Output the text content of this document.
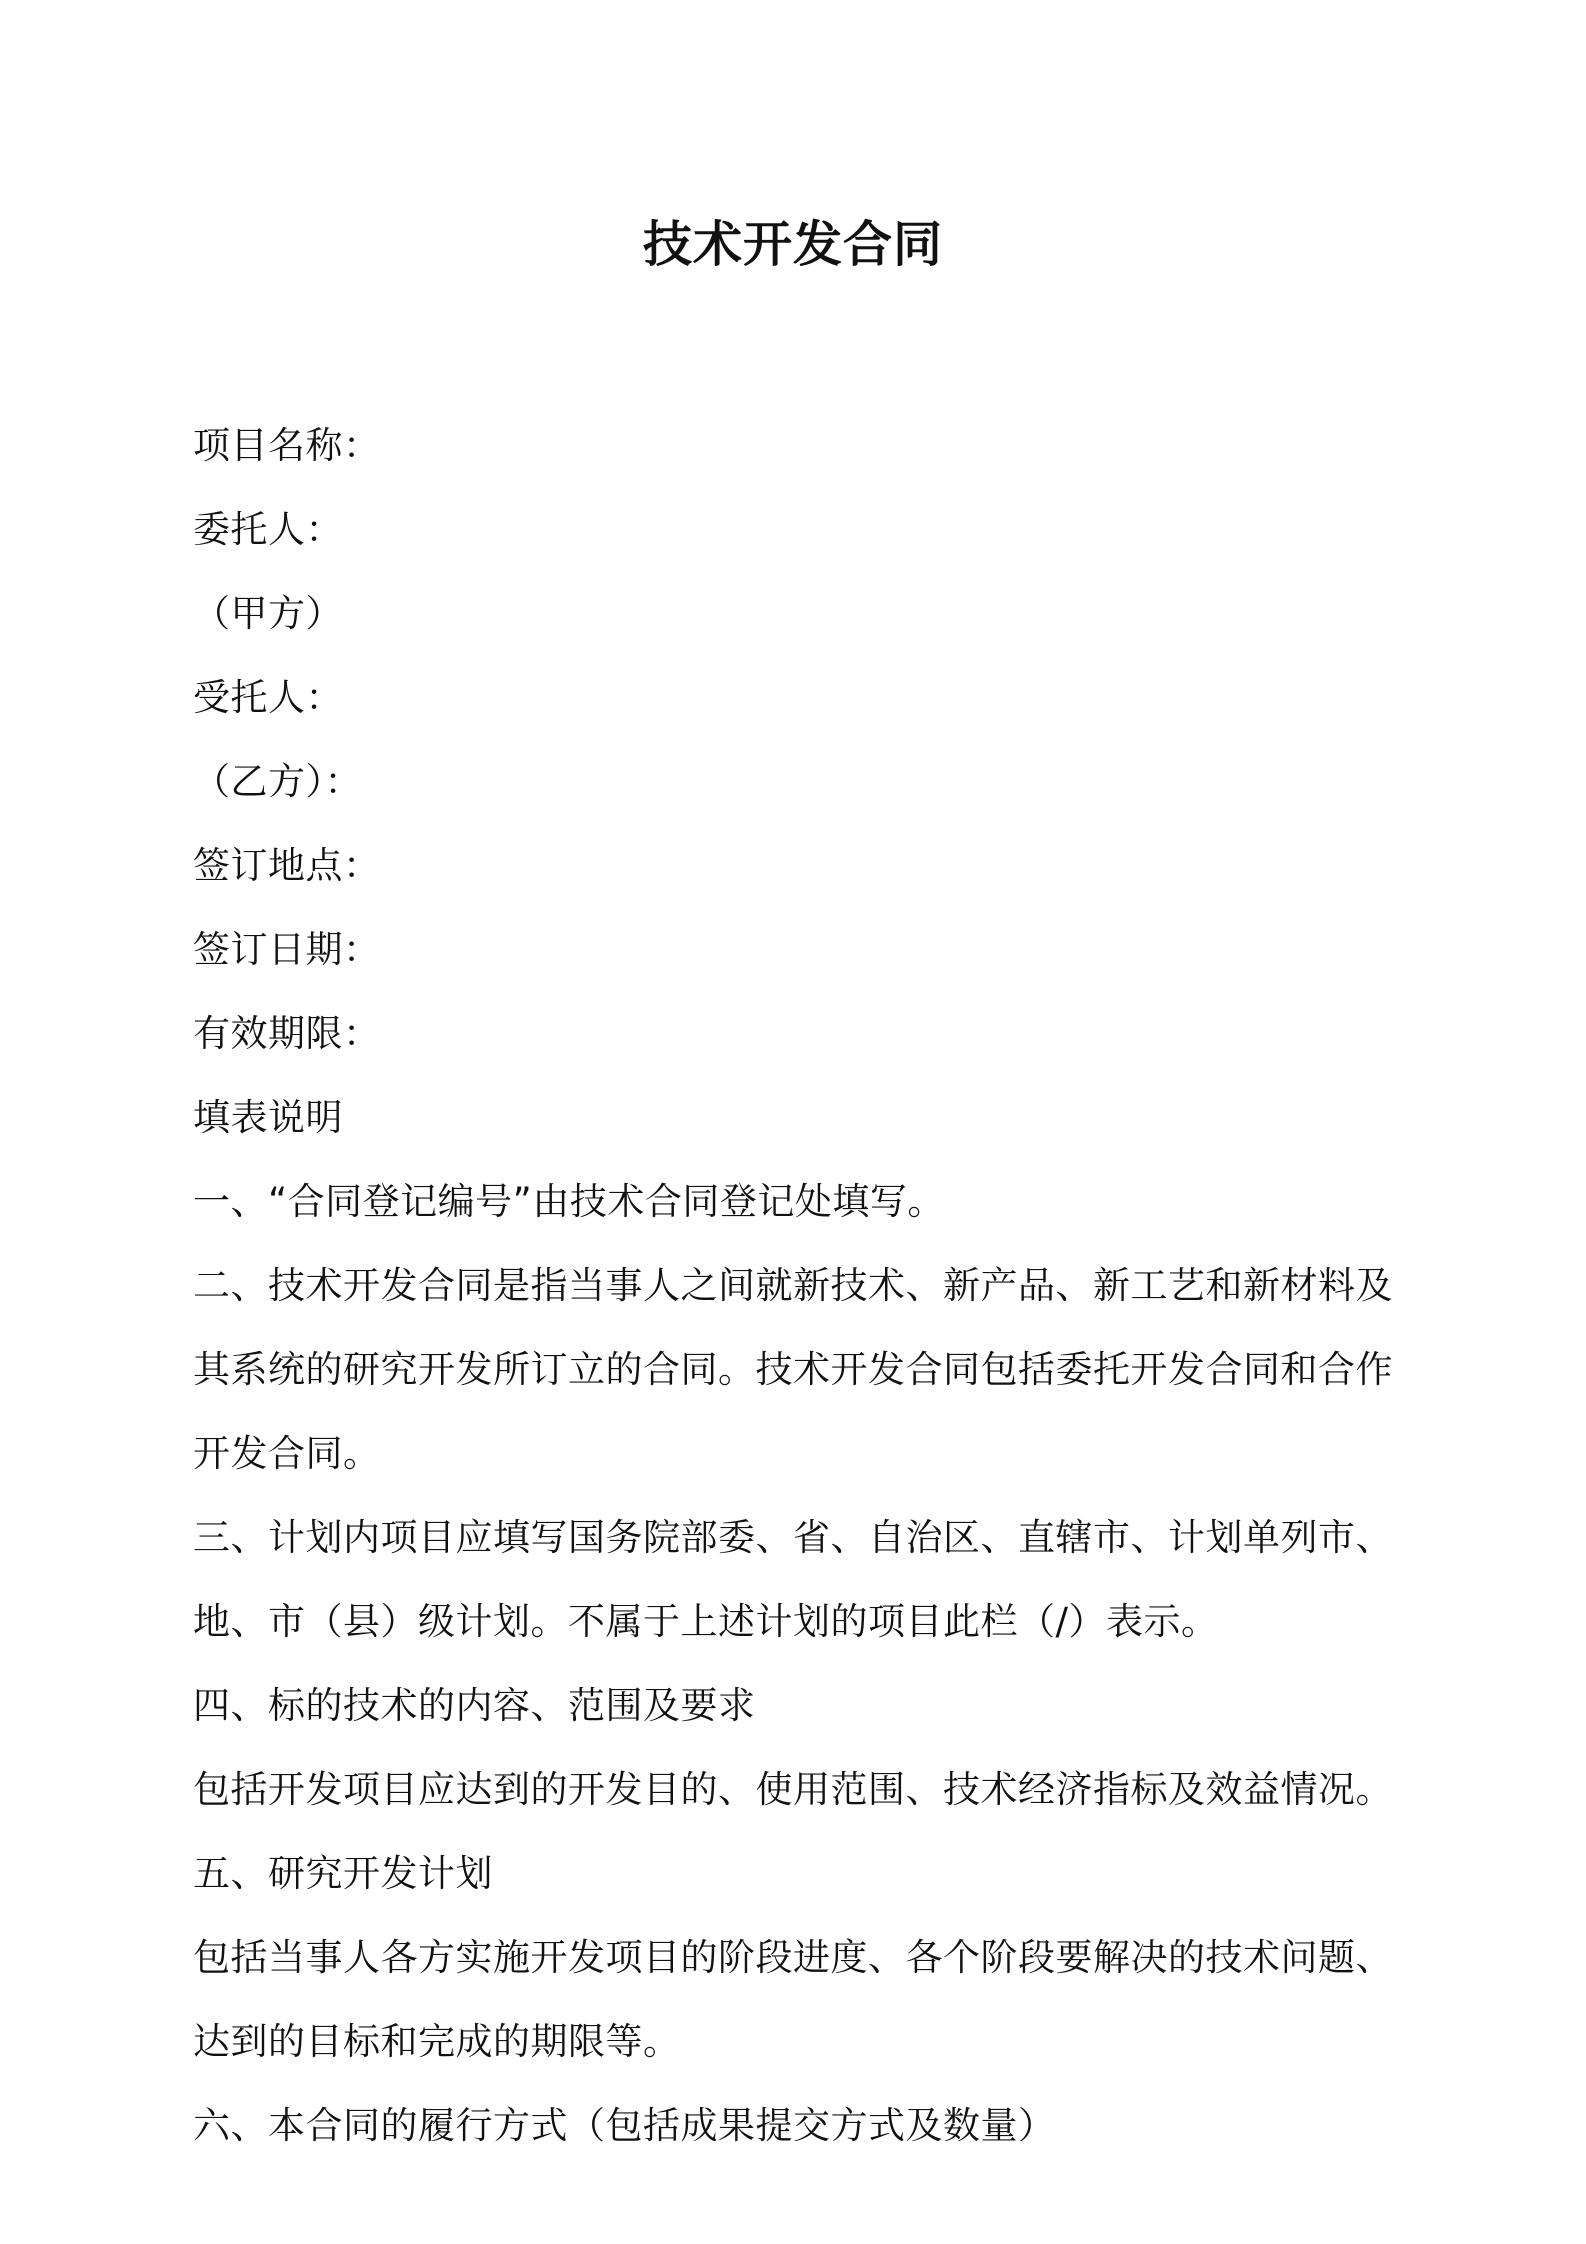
技术开发合同
项目名称：
委托人：
（甲方）
受托人：
（乙方）：
签订地点：
签订日期：
有效期限：
填表说明
一、“合同登记编号”由技术合同登记处填写。
二、技术开发合同是指当事人之间就新技术、新产品、新工艺和新材料及
其系统的研究开发所订立的合同。技术开发合同包括委托开发合同和合作
开发合同。
三、计划内项目应填写国务院部委、省、自治区、直辖市、计划单列市、
地、市（县）级计划。不属于上述计划的项目此栏（/）表示。
四、标的技术的内容、范围及要求
包括开发项目应达到的开发目的、使用范围、技术经济指标及效益情况。
五、研究开发计划
包括当事人各方实施开发项目的阶段进度、各个阶段要解决的技术问题、
达到的目标和完成的期限等。
六、本合同的履行方式（包括成果提交方式及数量）
